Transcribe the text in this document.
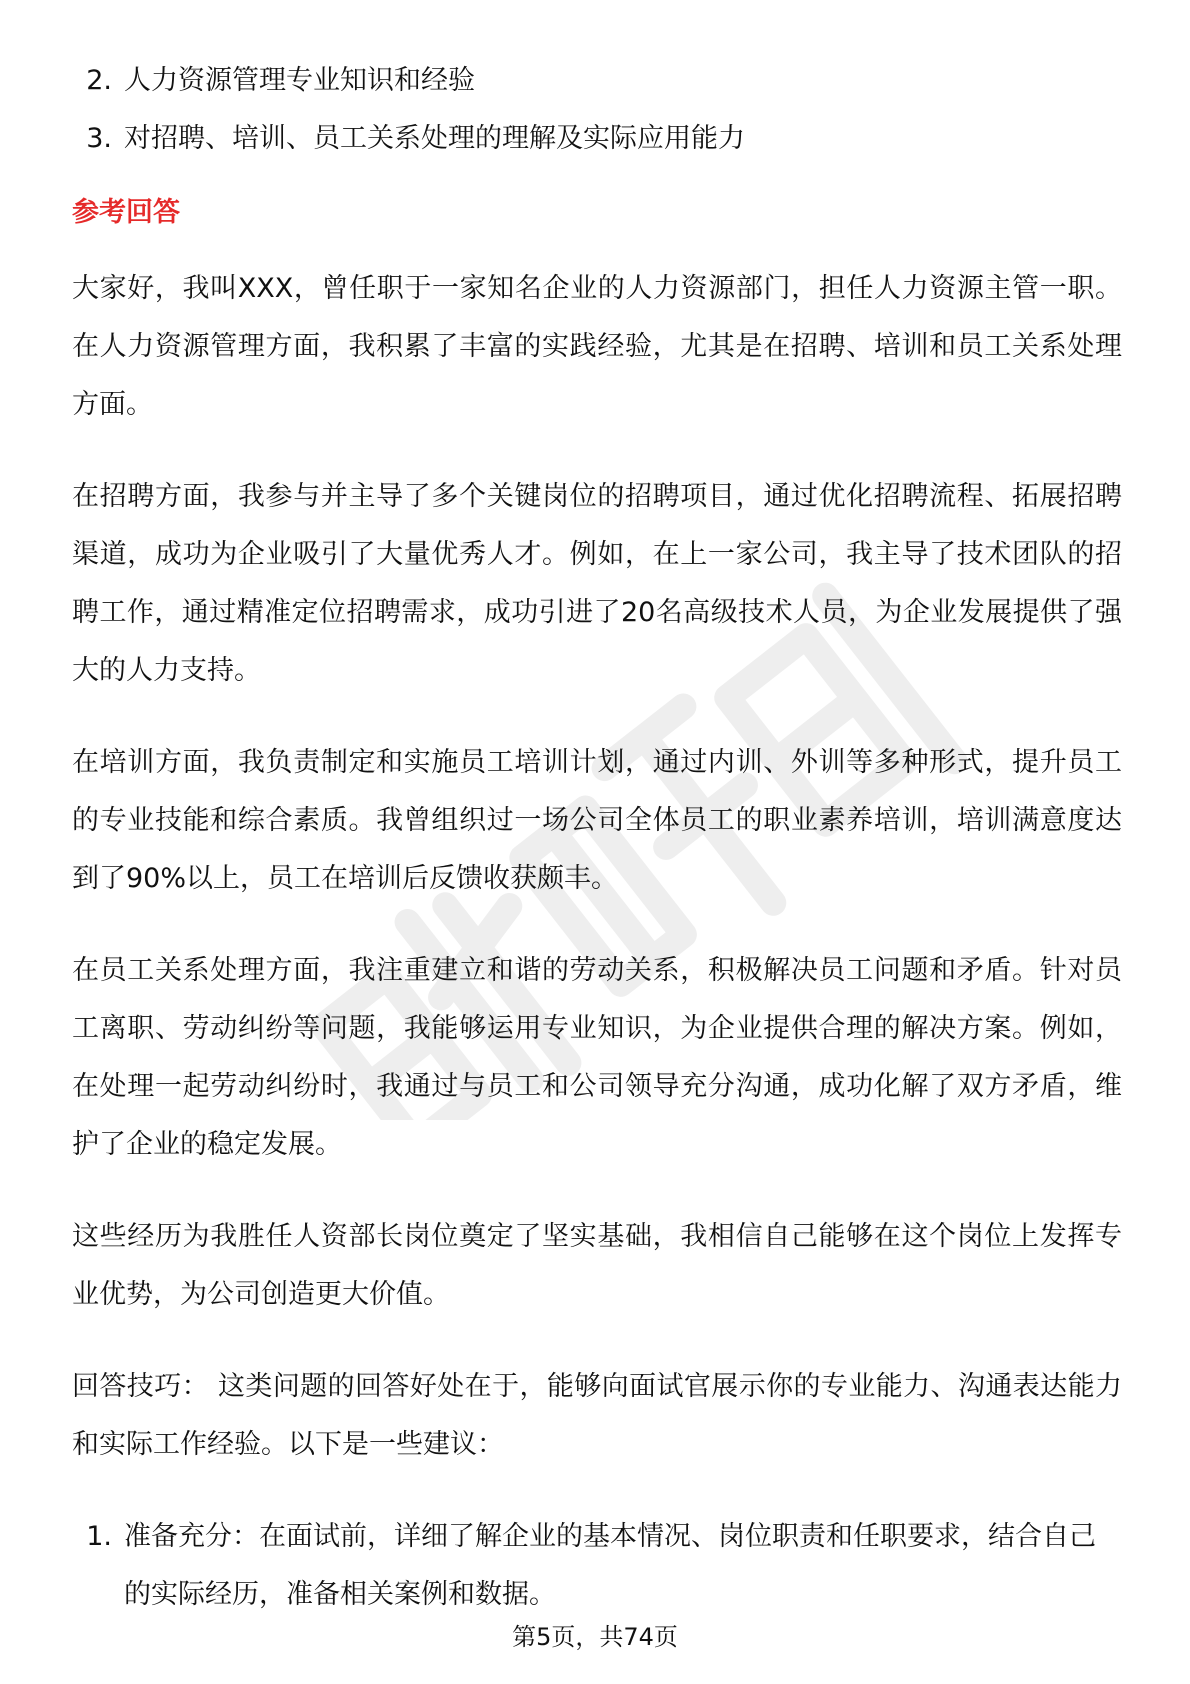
2. 人力资源管理专业知识和经验
3. 对招聘、培训、员工关系处理的理解及实际应用能力
参考回答

大家好，我叫XXX，曾任职于一家知名企业的人力资源部门，担任人力资源主管一职。在人力资源管理方面，我积累了丰富的实践经验，尤其是在招聘、培训和员工关系处理方面。

在招聘方面，我参与并主导了多个关键岗位的招聘项目，通过优化招聘流程、拓展招聘渠道，成功为企业吸引了大量优秀人才。例如，在上一家公司，我主导了技术团队的招聘工作，通过精准定位招聘需求，成功引进了20名高级技术人员，为企业发展提供了强大的人力支持。

在培训方面，我负责制定和实施员工培训计划，通过内训、外训等多种形式，提升员工的专业技能和综合素质。我曾组织过一场公司全体员工的职业素养培训，培训满意度达到了90%以上，员工在培训后反馈收获颇丰。

在员工关系处理方面，我注重建立和谐的劳动关系，积极解决员工问题和矛盾。针对员工离职、劳动纠纷等问题，我能够运用专业知识，为企业提供合理的解决方案。例如，在处理一起劳动纠纷时，我通过与员工和公司领导充分沟通，成功化解了双方矛盾，维护了企业的稳定发展。

这些经历为我胜任人资部长岗位奠定了坚实基础，我相信自己能够在这个岗位上发挥专业优势，为公司创造更大价值。

回答技巧： 这类问题的回答好处在于，能够向面试官展示你的专业能力、沟通表达能力和实际工作经验。以下是一些建议：

1. 准备充分：在面试前，详细了解企业的基本情况、岗位职责和任职要求，结合自己的实际经历，准备相关案例和数据。
第5页，共74页
